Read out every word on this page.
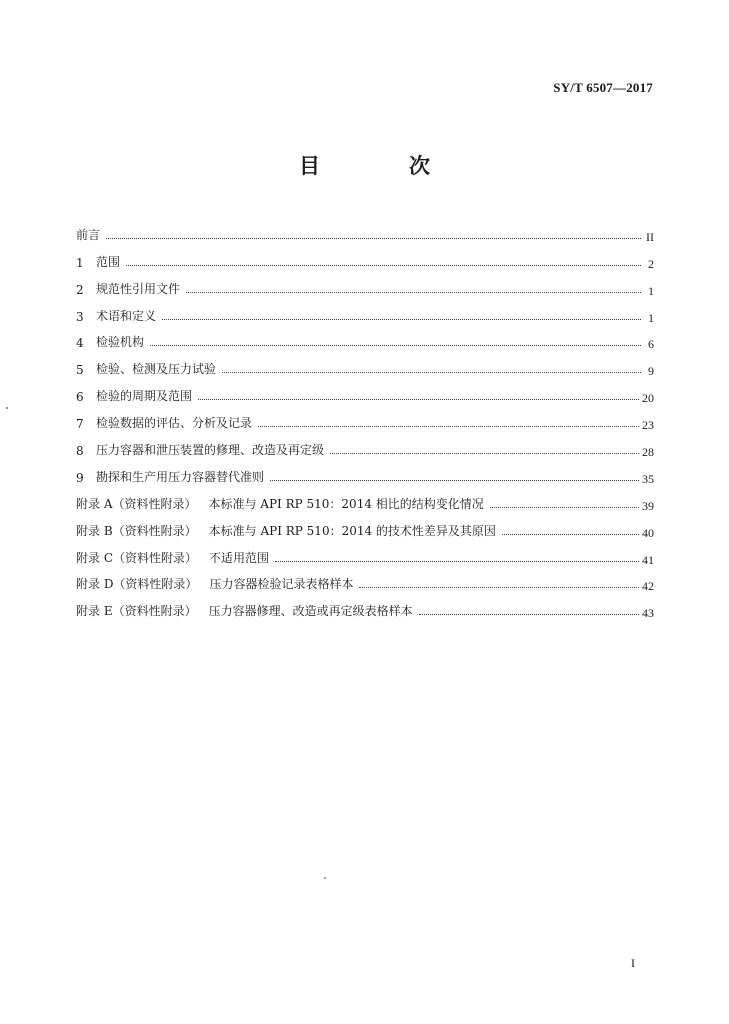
SY/T 6507—2017
目　次
前言	II
1	范围	2
2	规范性引用文件	1
3	术语和定义	1
4	检验机构	6
5	检验、检测及压力试验	9
6	检验的周期及范围	20
7	检验数据的评估、分析及记录	23
8	压力容器和泄压装置的修理、改造及再定级	28
9	勘探和生产用压力容器替代准则	35
附录 A（资料性附录） 本标准与 API RP 510：2014 相比的结构变化情况	39
附录 B（资料性附录） 本标准与 API RP 510：2014 的技术性差异及其原因	40
附录 C（资料性附录） 不适用范围	41
附录 D（资料性附录） 压力容器检验记录表格样本	42
附录 E（资料性附录） 压力容器修理、改造或再定级表格样本	43
I
